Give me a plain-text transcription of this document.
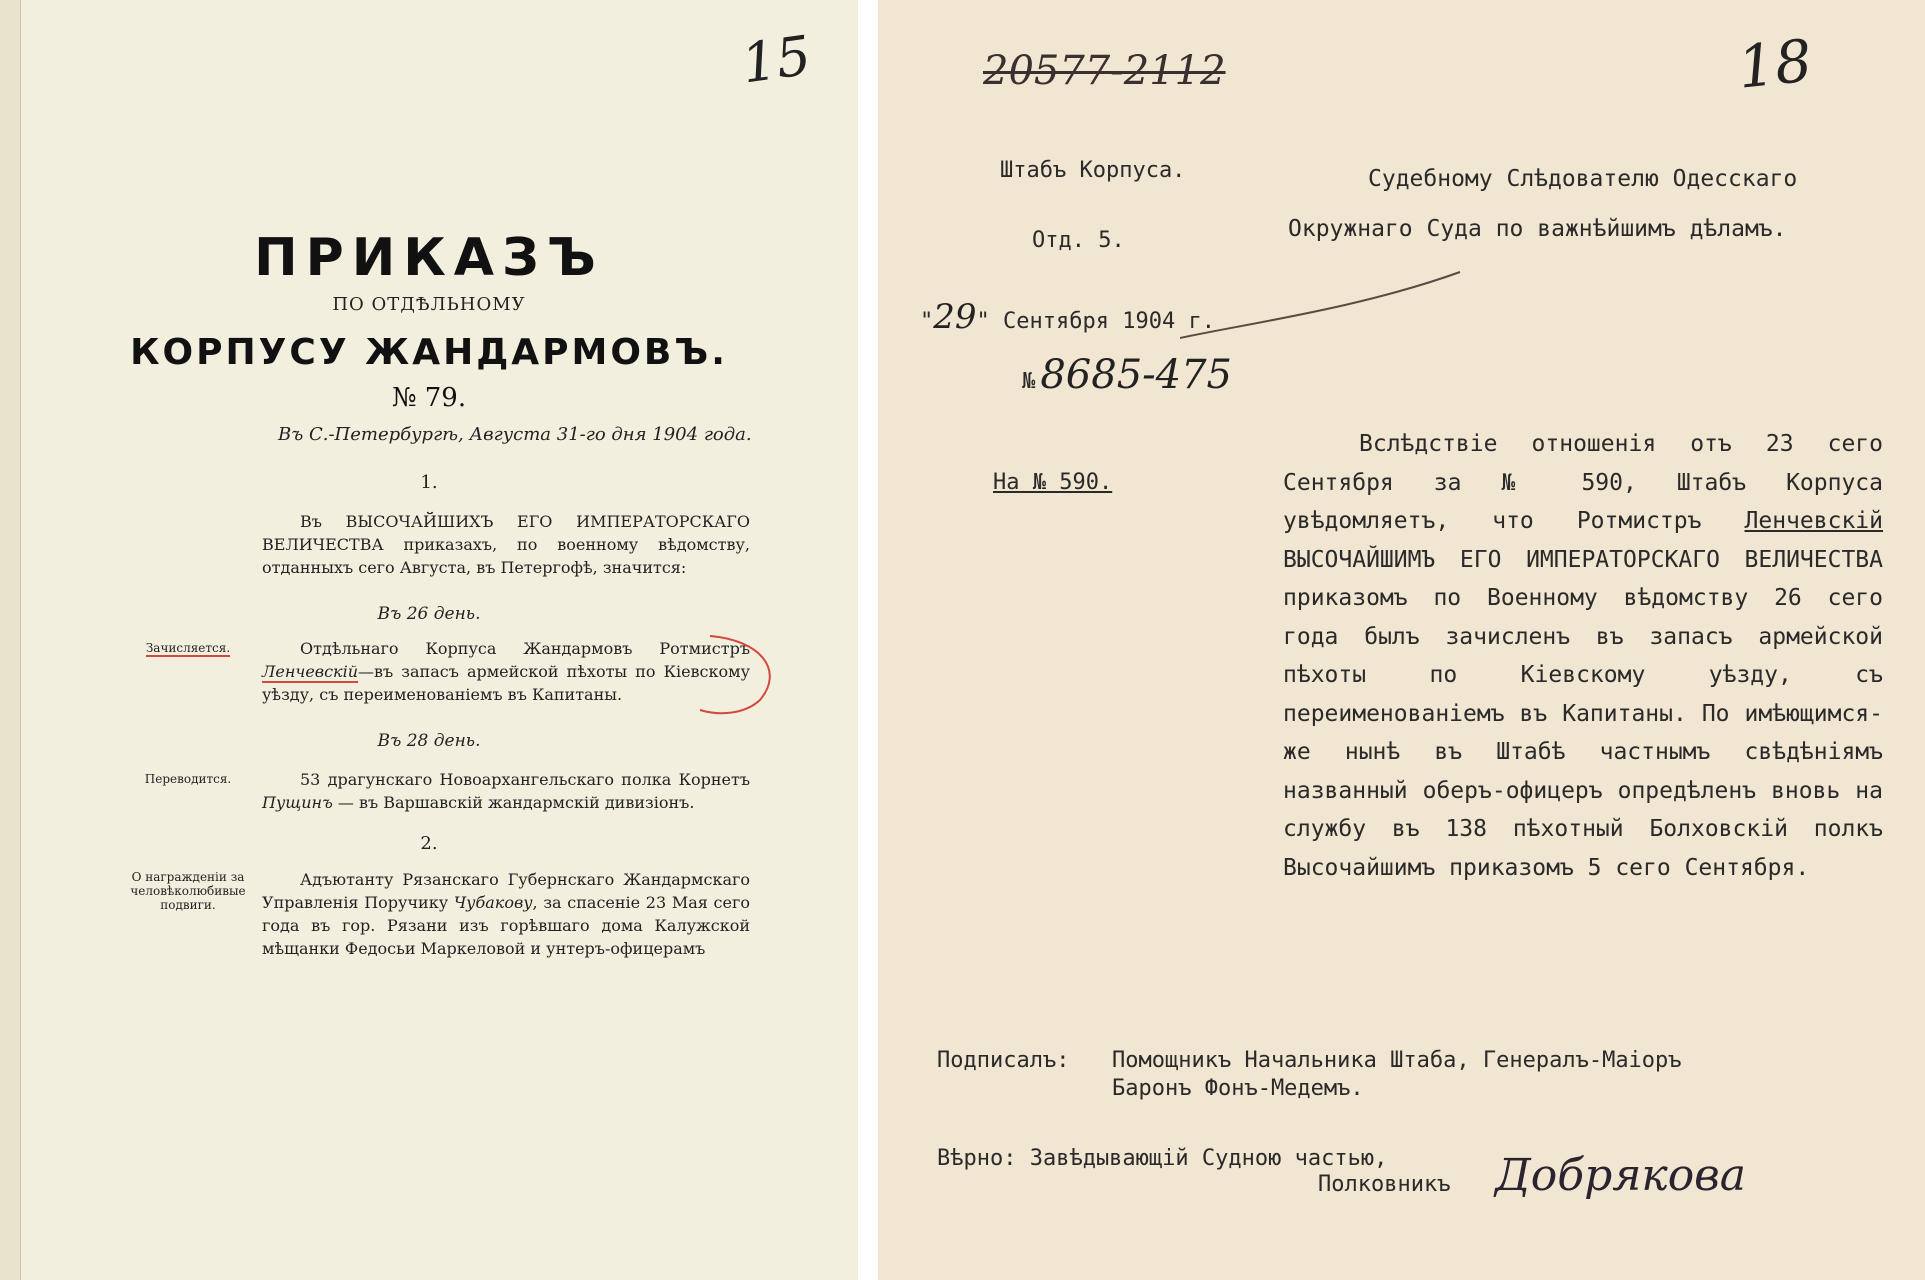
15
ПРИКАЗЪ
ПО ОТДѢЛЬНОМУ
КОРПУСУ ЖАНДАРМОВЪ.
№ 79.
Въ С.-Петербургѣ, Августа 31-го дня 1904 года.
1.
Въ ВЫСОЧАЙШИХЪ ЕГО ИМПЕРАТОРСКАГО ВЕЛИЧЕСТВА приказахъ, по военному вѣдомству, отданныхъ сего Августа, въ Петергофѣ, значится:
Въ 26 день.
Зачисляется.	Отдѣльнаго Корпуса Жандармовъ Ротмистръ Ленчевскій—въ запасъ армейской пѣхоты по Кіевскому уѣзду, съ переименованіемъ въ Капитаны.
Въ 28 день.
Переводится.	53 драгунскаго Новоархангельскаго полка Корнетъ Пущинъ — въ Варшавскій жандармскій дивизіонъ.
2.
О награжденіи за человѣколюбивые подвиги.
Адъютанту Рязанскаго Губернскаго Жандармскаго Управленія Поручику Чубакову, за спасеніе 23 Мая сего года въ гор. Рязани изъ горѣвшаго дома Калужской мѣщанки Федосьи Маркеловой и унтеръ-офицерамъ
20577-2112	18
Штабъ Корпуса.
Отд. 5.
"29" Сентября 1904 г.
№ 8685-475
На № 590.
Судебному Слѣдователю Одесскаго
Окружнаго Суда по важнѣйшимъ дѣламъ.
Вслѣдствіе отношенія отъ 23 сего Сентября за № 590, Штабъ Корпуса увѣдомляетъ, что Ротмистръ Ленчевскій ВЫСОЧАЙШИМЪ ЕГО ИМПЕРАТОРСКАГО ВЕЛИЧЕСТВА приказомъ по Военному вѣдомству 26 сего года былъ зачисленъ въ запасъ армейской пѣхоты по Кіевскому уѣзду, съ переименованіемъ въ Капитаны. По имѣющимся-же нынѣ въ Штабѣ частнымъ свѣдѣніямъ названный оберъ-офицеръ опредѣленъ вновь на службу въ 138 пѣхотный Болховскій полкъ Высочайшимъ приказомъ 5 сего Сентября.
Подписалъ: Помощникъ Начальника Штаба, Генералъ-Маіоръ
Баронъ Фонъ-Медемъ.
Вѣрно: Завѣдывающій Судною частью,
Полковникъ Добрякова
